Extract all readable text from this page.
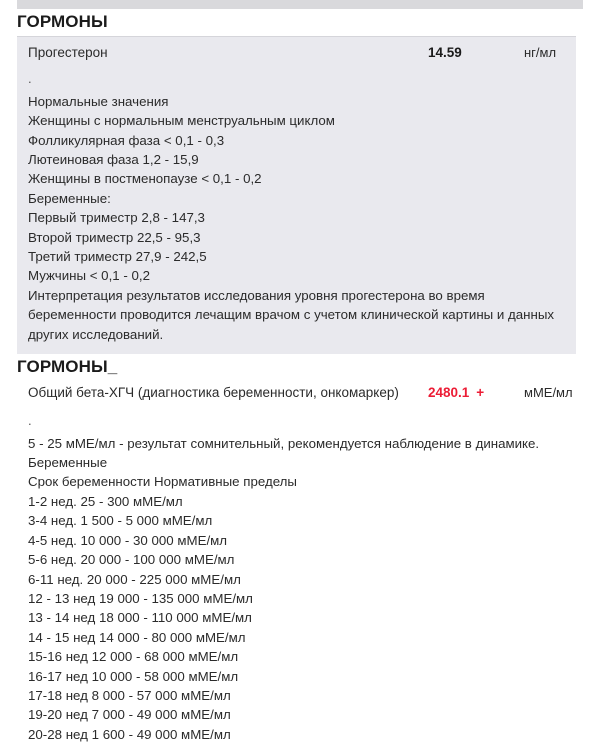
ГОРМОНЫ
Прогестерон	14.59	нг/мл
.
Нормальные значения
Женщины с нормальным менструальным циклом
Фолликулярная фаза < 0,1 - 0,3
Лютеиновая фаза 1,2 - 15,9
Женщины в постменопаузе < 0,1 - 0,2
Беременные:
Первый триместр 2,8 - 147,3
Второй триместр 22,5 - 95,3
Третий триместр 27,9 - 242,5
Мужчины < 0,1 - 0,2
Интерпретация результатов исследования уровня прогестерона во время беременности проводится лечащим врачом с учетом клинической картины и данных других исследований.
ГОРМОНЫ_
Общий бета-ХГЧ (диагностика беременности, онкомаркер)	2480.1 +	мМЕ/мл
.
5 - 25 мМЕ/мл - результат сомнительный, рекомендуется наблюдение в динамике.
Беременные
Срок беременности Нормативные пределы
1-2 нед. 25 - 300 мМЕ/мл
3-4 нед. 1 500 - 5 000 мМЕ/мл
4-5 нед. 10 000 - 30 000 мМЕ/мл
5-6 нед. 20 000 - 100 000 мМЕ/мл
6-11 нед. 20 000 - 225 000 мМЕ/мл
12 - 13 нед 19 000 - 135 000 мМЕ/мл
13 - 14 нед 18 000 - 110 000 мМЕ/мл
14 - 15 нед 14 000 - 80 000 мМЕ/мл
15-16 нед 12 000 - 68 000 мМЕ/мл
16-17 нед 10 000 - 58 000 мМЕ/мл
17-18 нед 8 000 - 57 000 мМЕ/мл
19-20 нед 7 000 - 49 000 мМЕ/мл
20-28 нед 1 600 - 49 000 мМЕ/мл
